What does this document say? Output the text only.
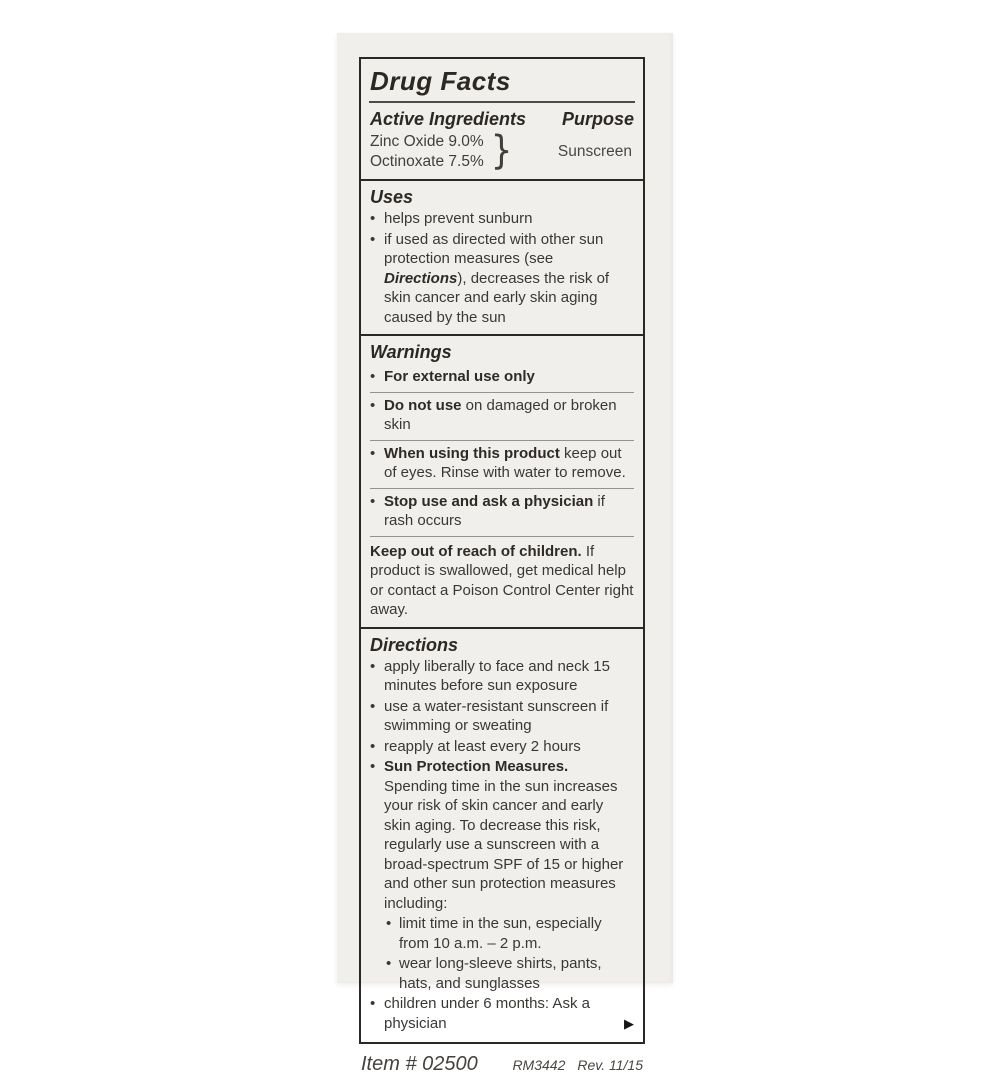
Drug Facts
Active Ingredients Purpose
Zinc Oxide 9.0%
Octinoxate 7.5% }	Sunscreen
Uses
• helps prevent sunburn
• if used as directed with other sun protection measures (see Directions), decreases the risk of skin cancer and early skin aging caused by the sun
Warnings
• For external use only
• Do not use on damaged or broken skin
• When using this product keep out of eyes. Rinse with water to remove.
• Stop use and ask a physician if rash occurs
Keep out of reach of children. If product is swallowed, get medical help or contact a Poison Control Center right away.
Directions
• apply liberally to face and neck 15 minutes before sun exposure
• use a water-resistant sunscreen if swimming or sweating
• reapply at least every 2 hours
• Sun Protection Measures. Spending time in the sun increases your risk of skin cancer and early skin aging. To decrease this risk, regularly use a sunscreen with a broad-spectrum SPF of 15 or higher and other sun protection measures including:
• limit time in the sun, especially from 10 a.m. – 2 p.m.
• wear long-sleeve shirts, pants, hats, and sunglasses
• children under 6 months: Ask a physician	▶
Item # 02500 RM3442 Rev. 11/15
